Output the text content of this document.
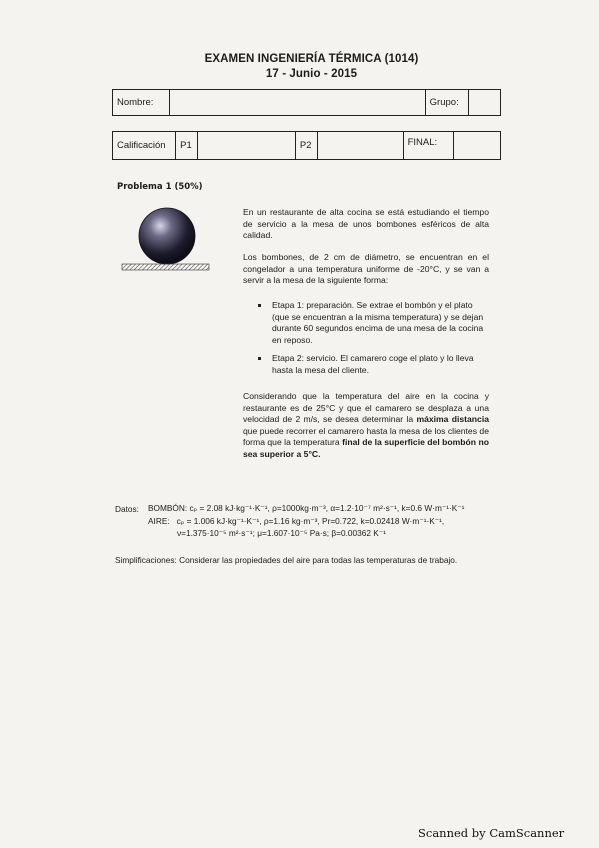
EXAMEN INGENIERÍA TÉRMICA (1014)
17 - Junio - 2015
Nombre:		Grupo:	
Calificación	P1		P2		FINAL:	
Problema 1 (50%)
En un restaurante de alta cocina se está estudiando el tiempo de servicio a la mesa de unos bombones esféricos de alta calidad.
Los bombones, de 2 cm de diámetro, se encuentran en el congelador a una temperatura uniforme de -20°C, y se van a servir a la mesa de la siguiente forma:
Etapa 1: preparación. Se extrae el bombón y el plato (que se encuentran a la misma temperatura) y se dejan durante 60 segundos encima de una mesa de la cocina en reposo.
Etapa 2: servicio. El camarero coge el plato y lo lleva hasta la mesa del cliente.
Considerando que la temperatura del aire en la cocina y restaurante es de 25°C y que el camarero se desplaza a una velocidad de 2 m/s, se desea determinar la máxima distancia que puede recorrer el camarero hasta la mesa de los clientes de forma que la temperatura final de la superficie del bombón no sea superior a 5°C.
Datos: BOMBÓN: cₚ = 2.08 kJ·kg⁻¹·K⁻¹, ρ=1000kg·m⁻³, α=1.2·10⁻⁷ m²·s⁻¹, k=0.6 W·m⁻¹·K⁻¹
AIRE:   cₚ = 1.006 kJ·kg⁻¹·K⁻¹, ρ=1.16 kg·m⁻³, Pr=0.722, k=0.02418 W·m⁻¹·K⁻¹,
ν=1.375·10⁻⁵ m²·s⁻¹; μ=1.607·10⁻⁵ Pa·s; β=0.00362 K⁻¹
Simplificaciones: Considerar las propiedades del aire para todas las temperaturas de trabajo.
Scanned by CamScanner
